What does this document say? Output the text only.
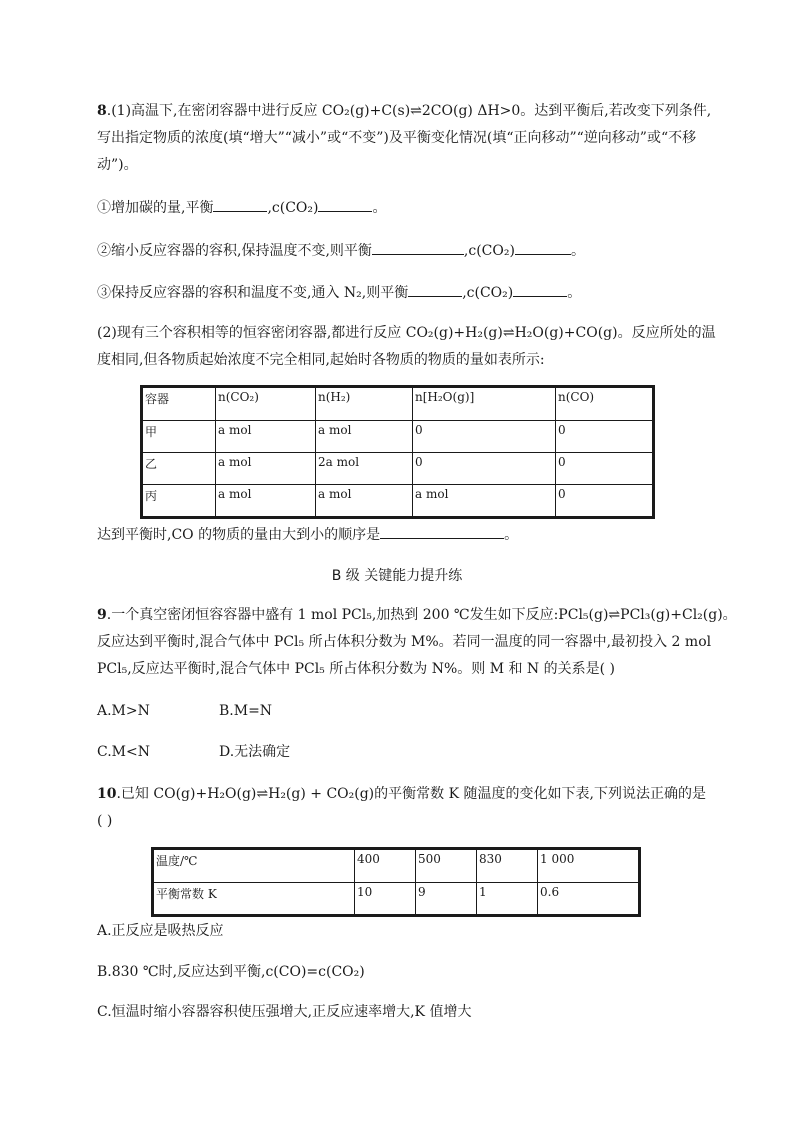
8.(1)高温下,在密闭容器中进行反应 CO₂(g)+C(s)⇌2CO(g) ΔH>0。达到平衡后,若改变下列条件,
写出指定物质的浓度(填“增大”“减小”或“不变”)及平衡变化情况(填“正向移动”“逆向移动”或“不移
动”)。
①增加碳的量,平衡	,c(CO₂)	。
②缩小反应容器的容积,保持温度不变,则平衡	,c(CO₂)	。
③保持反应容器的容积和温度不变,通入 N₂,则平衡	,c(CO₂)	。
(2)现有三个容积相等的恒容密闭容器,都进行反应 CO₂(g)+H₂(g)⇌H₂O(g)+CO(g)。反应所处的温
度相同,但各物质起始浓度不完全相同,起始时各物质的物质的量如表所示:
容器	n(CO₂)	n(H₂)	n[H₂O(g)]	n(CO)
甲	a mol	a mol	0	0
乙	a mol	2a mol	0	0
丙	a mol	a mol	a mol	0
达到平衡时,CO 的物质的量由大到小的顺序是	。
B 级 关键能力提升练
9.一个真空密闭恒容容器中盛有 1 mol PCl₅,加热到 200 ℃发生如下反应:PCl₅(g)⇌PCl₃(g)+Cl₂(g)。
反应达到平衡时,混合气体中 PCl₅ 所占体积分数为 M%。若同一温度的同一容器中,最初投入 2 mol
PCl₅,反应达平衡时,混合气体中 PCl₅ 所占体积分数为 N%。则 M 和 N 的关系是( )
A.M>N	B.M=N
C.M<N	D.无法确定
10.已知 CO(g)+H₂O(g)⇌H₂(g) + CO₂(g)的平衡常数 K 随温度的变化如下表,下列说法正确的是
( )
温度/℃	400	500	830	1 000
平衡常数 K	10	9	1	0.6
A.正反应是吸热反应
B.830 ℃时,反应达到平衡,c(CO)=c(CO₂)
C.恒温时缩小容器容积使压强增大,正反应速率增大,K 值增大
